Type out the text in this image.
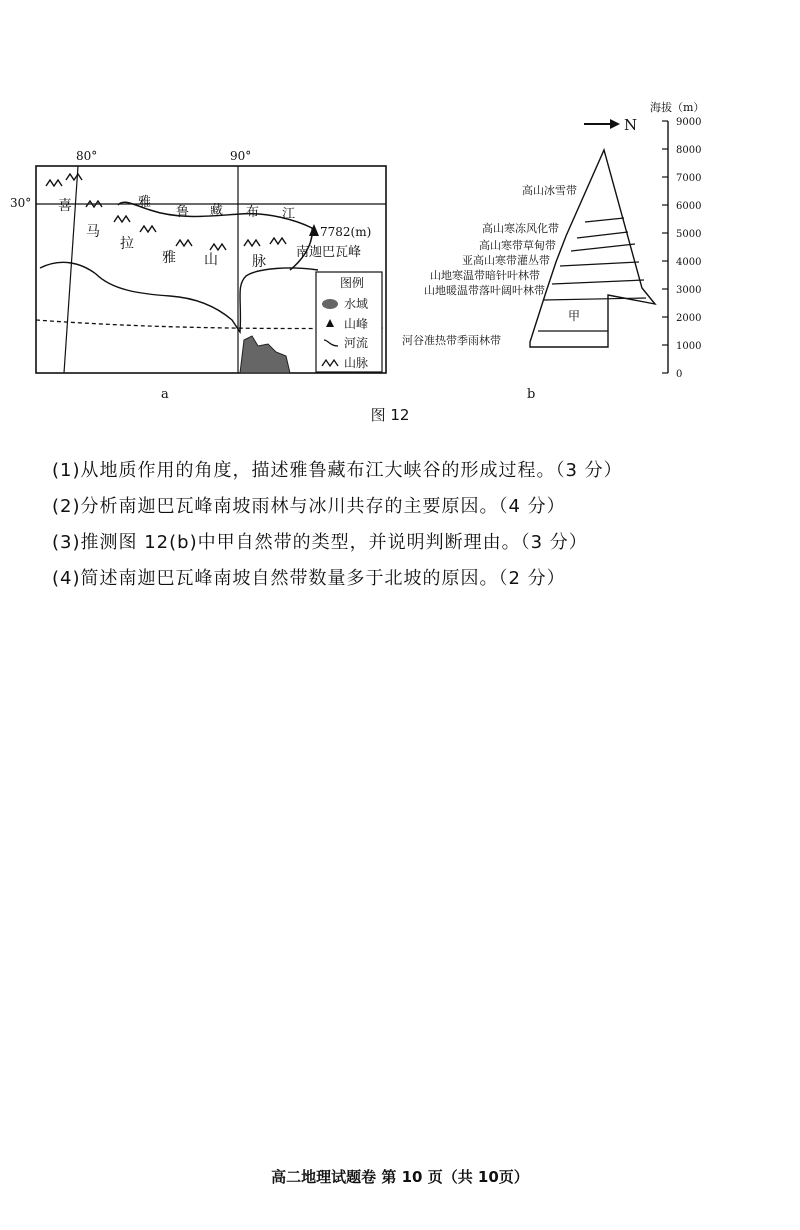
80°	90°
30°	雅
鲁 藏 布 江
喜
马
拉
雅 山 脉
7782(m)
南迦巴瓦峰
图例
水域
山峰
河流
山脉
a
N
海拔（m）
9000
8000
7000
6000
5000
4000
3000
2000
1000
0
甲
高山冰雪带
高山寒冻风化带
高山寒带草甸带
亚高山寒带灌丛带
山地寒温带暗针叶林带
山地暖温带落叶阔叶林带
河谷准热带季雨林带
b
图 12
(1)从地质作用的角度，描述雅鲁藏布江大峡谷的形成过程。（3 分）
(2)分析南迦巴瓦峰南坡雨林与冰川共存的主要原因。（4 分）
(3)推测图 12(b)中甲自然带的类型，并说明判断理由。（3 分）
(4)简述南迦巴瓦峰南坡自然带数量多于北坡的原因。（2 分）
高二地理试题卷 第 10 页（共 10页）
